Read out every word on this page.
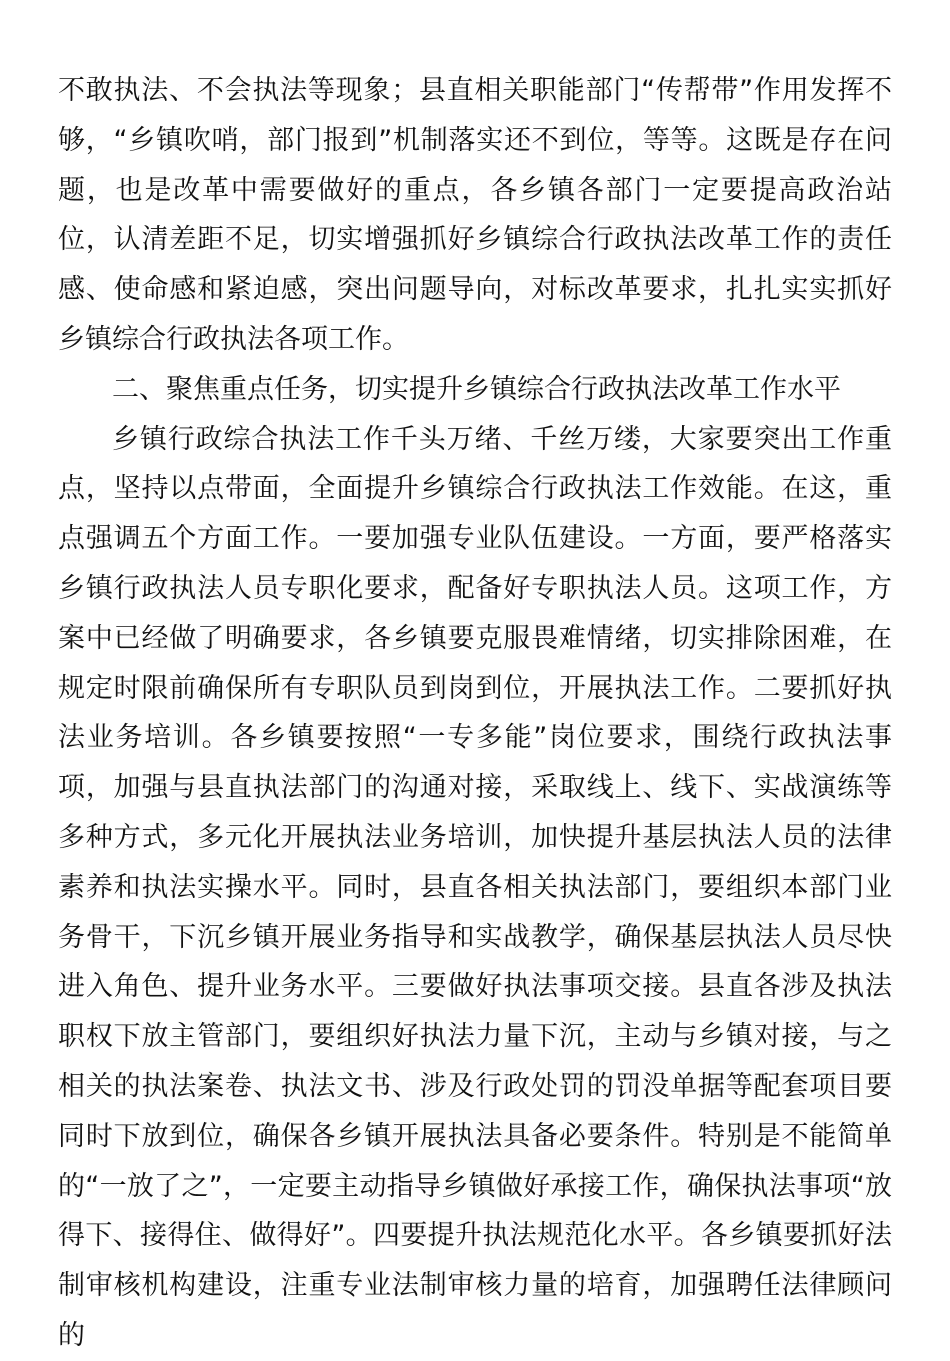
不敢执法、不会执法等现象；县直相关职能部门“传帮带”作用发挥不够，“乡镇吹哨，部门报到”机制落实还不到位，等等。这既是存在问题，也是改革中需要做好的重点，各乡镇各部门一定要提高政治站位，认清差距不足，切实增强抓好乡镇综合行政执法改革工作的责任感、使命感和紧迫感，突出问题导向，对标改革要求，扎扎实实抓好乡镇综合行政执法各项工作。

二、聚焦重点任务，切实提升乡镇综合行政执法改革工作水平

乡镇行政综合执法工作千头万绪、千丝万缕，大家要突出工作重点，坚持以点带面，全面提升乡镇综合行政执法工作效能。在这，重点强调五个方面工作。一要加强专业队伍建设。一方面，要严格落实乡镇行政执法人员专职化要求，配备好专职执法人员。这项工作，方案中已经做了明确要求，各乡镇要克服畏难情绪，切实排除困难，在规定时限前确保所有专职队员到岗到位，开展执法工作。二要抓好执法业务培训。各乡镇要按照“一专多能”岗位要求，围绕行政执法事项，加强与县直执法部门的沟通对接，采取线上、线下、实战演练等多种方式，多元化开展执法业务培训，加快提升基层执法人员的法律素养和执法实操水平。同时，县直各相关执法部门，要组织本部门业务骨干，下沉乡镇开展业务指导和实战教学，确保基层执法人员尽快进入角色、提升业务水平。三要做好执法事项交接。县直各涉及执法职权下放主管部门，要组织好执法力量下沉，主动与乡镇对接，与之相关的执法案卷、执法文书、涉及行政处罚的罚没单据等配套项目要同时下放到位，确保各乡镇开展执法具备必要条件。特别是不能简单的“一放了之”，一定要主动指导乡镇做好承接工作，确保执法事项“放得下、接得住、做得好”。四要提升执法规范化水平。各乡镇要抓好法制审核机构建设，注重专业法制审核力量的培育，加强聘任法律顾问的
